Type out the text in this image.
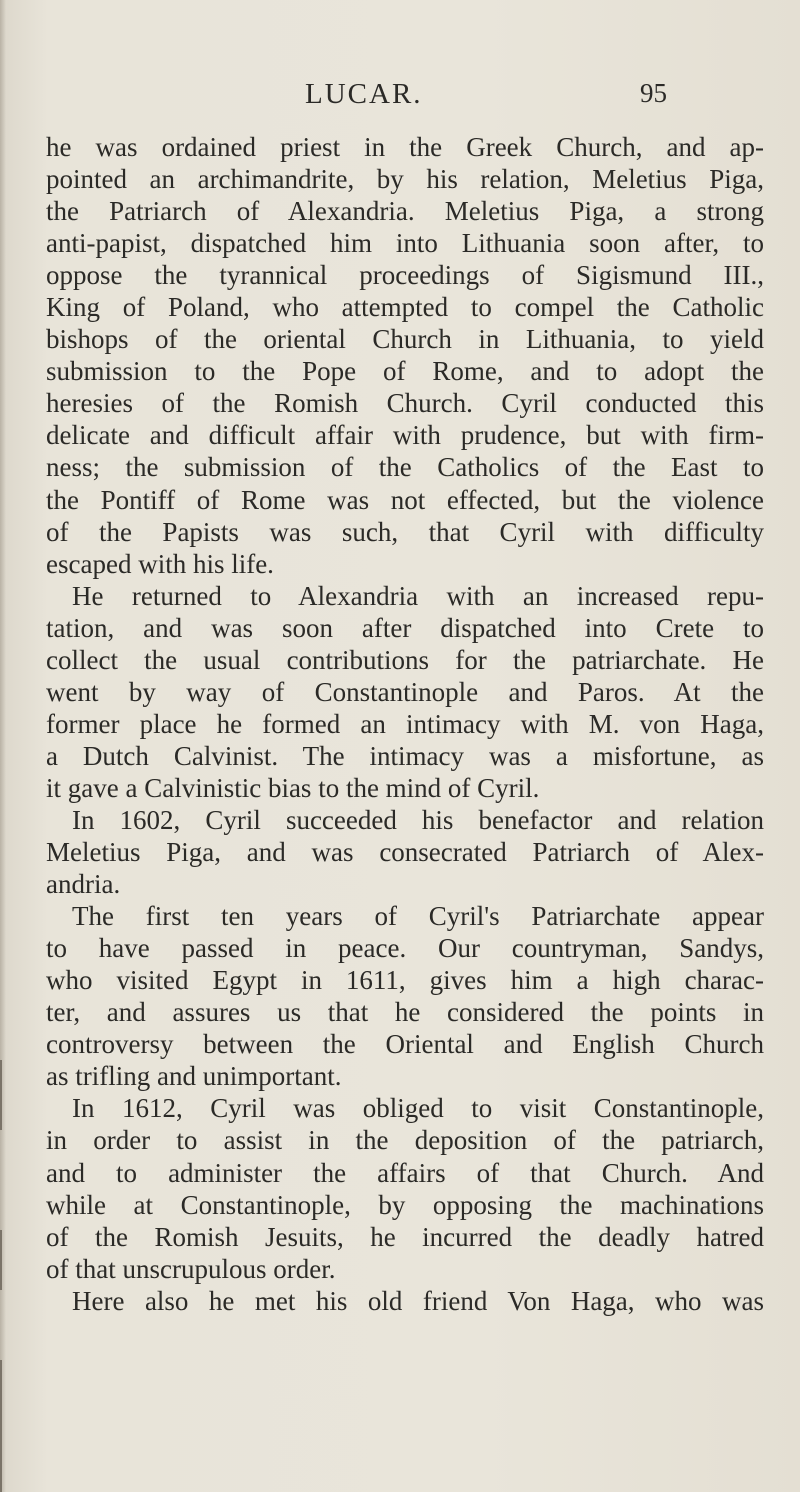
LUCAR.	95
he was ordained priest in the Greek Church, and ap-
pointed an archimandrite, by his relation, Meletius Piga,
the Patriarch of Alexandria. Meletius Piga, a strong
anti-papist, dispatched him into Lithuania soon after, to
oppose the tyrannical proceedings of Sigismund III.,
King of Poland, who attempted to compel the Catholic
bishops of the oriental Church in Lithuania, to yield
submission to the Pope of Rome, and to adopt the
heresies of the Romish Church. Cyril conducted this
delicate and difficult affair with prudence, but with firm-
ness; the submission of the Catholics of the East to
the Pontiff of Rome was not effected, but the violence
of the Papists was such, that Cyril with difficulty
escaped with his life.
He returned to Alexandria with an increased repu-
tation, and was soon after dispatched into Crete to
collect the usual contributions for the patriarchate. He
went by way of Constantinople and Paros. At the
former place he formed an intimacy with M. von Haga,
a Dutch Calvinist. The intimacy was a misfortune, as
it gave a Calvinistic bias to the mind of Cyril.
In 1602, Cyril succeeded his benefactor and relation
Meletius Piga, and was consecrated Patriarch of Alex-
andria.
The first ten years of Cyril's Patriarchate appear
to have passed in peace. Our countryman, Sandys,
who visited Egypt in 1611, gives him a high charac-
ter, and assures us that he considered the points in
controversy between the Oriental and English Church
as trifling and unimportant.
In 1612, Cyril was obliged to visit Constantinople,
in order to assist in the deposition of the patriarch,
and to administer the affairs of that Church. And
while at Constantinople, by opposing the machinations
of the Romish Jesuits, he incurred the deadly hatred
of that unscrupulous order.
Here also he met his old friend Von Haga, who was
